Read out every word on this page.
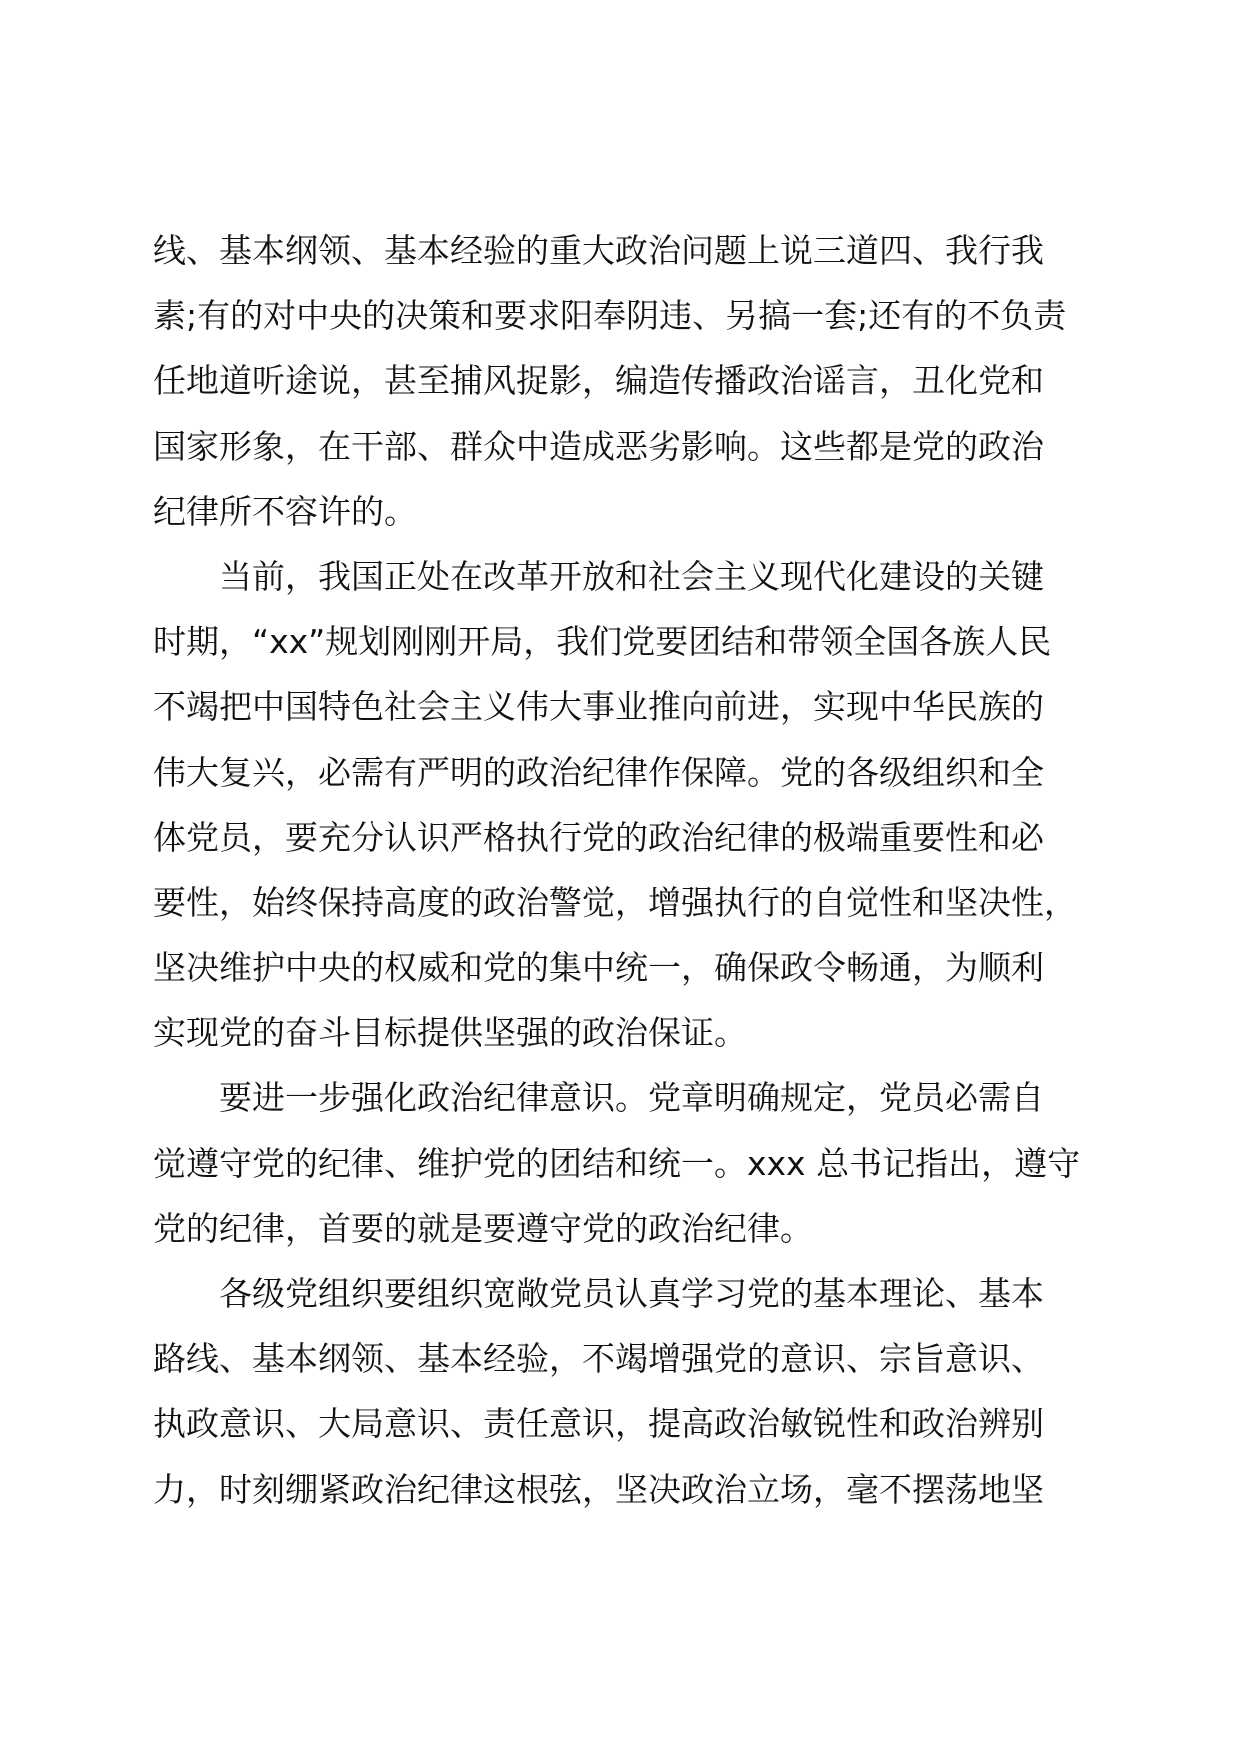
线、基本纲领、基本经验的重大政治问题上说三道四、我行我
素;有的对中央的决策和要求阳奉阴违、另搞一套;还有的不负责
任地道听途说，甚至捕风捉影，编造传播政治谣言，丑化党和
国家形象，在干部、群众中造成恶劣影响。这些都是党的政治
纪律所不容许的。
当前，我国正处在改革开放和社会主义现代化建设的关键
时期，“xx”规划刚刚开局，我们党要团结和带领全国各族人民
不竭把中国特色社会主义伟大事业推向前进，实现中华民族的
伟大复兴，必需有严明的政治纪律作保障。党的各级组织和全
体党员，要充分认识严格执行党的政治纪律的极端重要性和必
要性，始终保持高度的政治警觉，增强执行的自觉性和坚决性，
坚决维护中央的权威和党的集中统一，确保政令畅通，为顺利
实现党的奋斗目标提供坚强的政治保证。
要进一步强化政治纪律意识。党章明确规定，党员必需自
觉遵守党的纪律、维护党的团结和统一。xxx 总书记指出，遵守
党的纪律，首要的就是要遵守党的政治纪律。
各级党组织要组织宽敞党员认真学习党的基本理论、基本
路线、基本纲领、基本经验，不竭增强党的意识、宗旨意识、
执政意识、大局意识、责任意识，提高政治敏锐性和政治辨别
力，时刻绷紧政治纪律这根弦，坚决政治立场，毫不摆荡地坚
